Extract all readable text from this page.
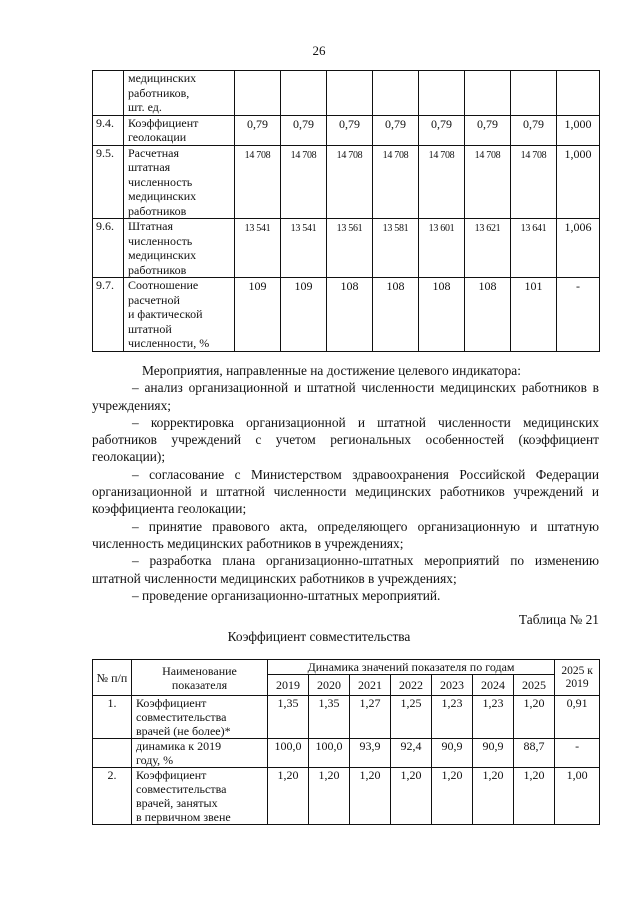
26

	медицинских
работников,
шт. ед.								

9.4.	Коэффициент
геолокации	0,79	0,79	0,79	0,79	0,79	0,79	0,79	1,000
9.5.	Расчетная
штатная
численность
медицинских
работников	14 708	14 708	14 708	14 708	14 708	14 708	14 708	1,000
9.6.	Штатная
численность
медицинских
работников	13 541	13 541	13 561	13 581	13 601	13 621	13 641	1,006
9.7.	Соотношение
расчетной
и фактической
штатной
численности, %	109	109	108	108	108	108	101	-

Мероприятия, направленные на достижение целевого индикатора:

– анализ организационной и штатной численности медицинских работников в учреждениях;

– корректировка организационной и штатной численности медицинских работников учреждений с учетом региональных особенностей (коэффициент геолокации);

– согласование с Министерством здравоохранения Российской Федерации организационной и штатной численности медицинских работников учреждений и коэффициента геолокации;

– принятие правового акта, определяющего организационную и штатную численность медицинских работников в учреждениях;

– разработка плана организационно-штатных мероприятий по изменению штатной численности медицинских работников в учреждениях;

– проведение организационно-штатных мероприятий.

Таблица № 21
Коэффициент совместительства
№ п/п	Наименование показателя	Динамика значений показателя по годам							2025 к 2019
		2019	2020	2021	2022	2023	2024	2025	
1.	Коэффициент
совместительства
врачей (не более)*	1,35	1,35	1,27	1,25	1,23	1,23	1,20	0,91

	динамика к 2019
году, %	100,0	100,0	93,9	92,4	90,9	90,9	88,7	-
2.	Коэффициент
совместительства
врачей, занятых
в первичном звене	1,20	1,20	1,20	1,20	1,20	1,20	1,20	1,00
